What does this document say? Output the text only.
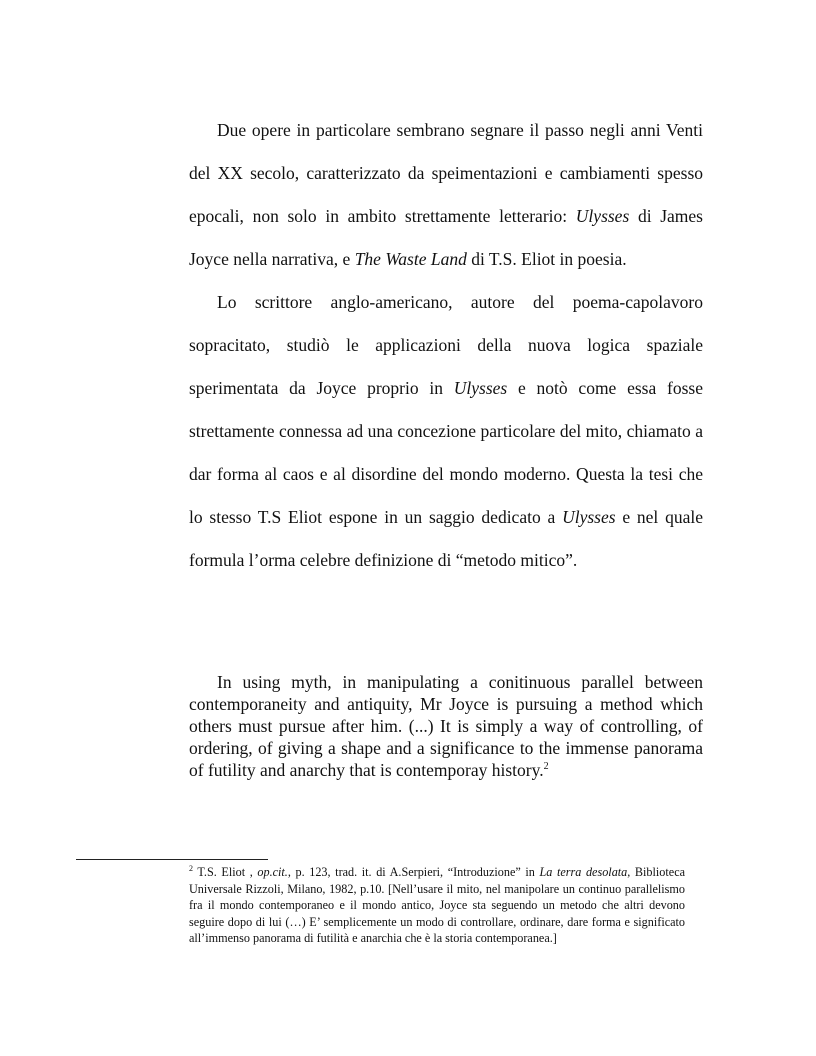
Due opere in particolare sembrano segnare il passo negli anni Venti del XX secolo, caratterizzato da speimentazioni e cambiamenti spesso epocali, non solo in ambito strettamente letterario: Ulysses di James Joyce nella narrativa, e The Waste Land di T.S. Eliot in poesia.

Lo scrittore anglo-americano, autore del poema-capolavoro sopracitato, studiò le applicazioni della nuova logica spaziale sperimentata da Joyce proprio in Ulysses e notò come essa fosse strettamente connessa ad una concezione particolare del mito, chiamato a dar forma al caos e al disordine del mondo moderno. Questa la tesi che lo stesso T.S Eliot espone in un saggio dedicato a Ulysses e nel quale formula l’orma celebre definizione di “metodo mitico”.

In using myth, in manipulating a conitinuous parallel between contemporaneity and antiquity, Mr Joyce is pursuing a method which others must pursue after him. (...) It is simply a way of controlling, of ordering, of giving a shape and a significance to the immense panorama of futility and anarchy that is contemporay history.$^2$

$^2$ T.S. Eliot , op.cit., p. 123, trad. it. di A.Serpieri, “Introduzione” in La terra desolata, Biblioteca Universale Rizzoli, Milano, 1982, p.10. [Nell’usare il mito, nel manipolare un continuo parallelismo fra il mondo contemporaneo e il mondo antico, Joyce sta seguendo un metodo che altri devono seguire dopo di lui (…) E’ semplicemente un modo di controllare, ordinare, dare forma e significato all’immenso panorama di futilità e anarchia che è la storia contemporanea.]
